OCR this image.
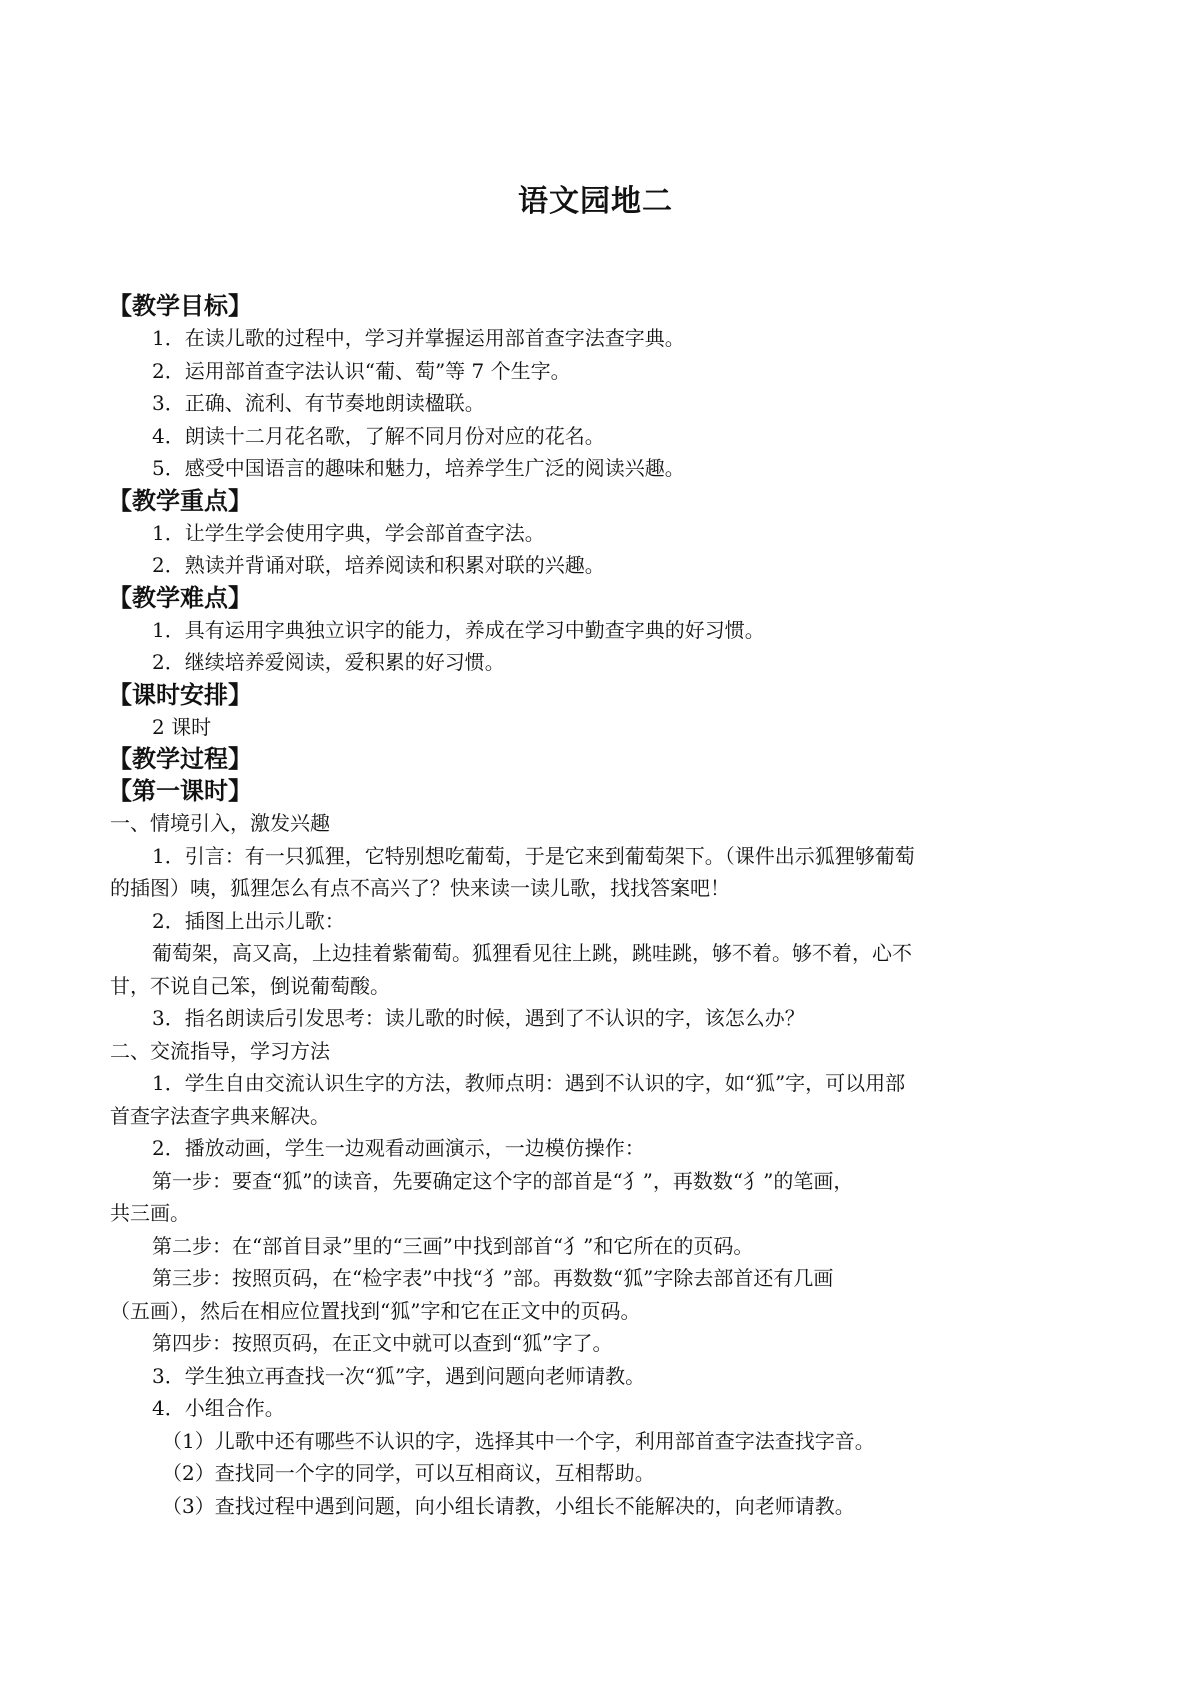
语文园地二
【教学目标】
1．在读儿歌的过程中，学习并掌握运用部首查字法查字典。
2．运用部首查字法认识“葡、萄”等 7 个生字。
3．正确、流利、有节奏地朗读楹联。
4．朗读十二月花名歌，了解不同月份对应的花名。
5．感受中国语言的趣味和魅力，培养学生广泛的阅读兴趣。
【教学重点】
1．让学生学会使用字典，学会部首查字法。
2．熟读并背诵对联，培养阅读和积累对联的兴趣。
【教学难点】
1．具有运用字典独立识字的能力，养成在学习中勤查字典的好习惯。
2．继续培养爱阅读，爱积累的好习惯。
【课时安排】
2 课时
【教学过程】
【第一课时】
一、情境引入，激发兴趣
1．引言：有一只狐狸，它特别想吃葡萄，于是它来到葡萄架下。（课件出示狐狸够葡萄
的插图）咦，狐狸怎么有点不高兴了？快来读一读儿歌，找找答案吧！
2．插图上出示儿歌：
葡萄架，高又高，上边挂着紫葡萄。狐狸看见往上跳，跳哇跳，够不着。够不着，心不
甘，不说自己笨，倒说葡萄酸。
3．指名朗读后引发思考：读儿歌的时候，遇到了不认识的字，该怎么办？
二、交流指导，学习方法
1．学生自由交流认识生字的方法，教师点明：遇到不认识的字，如“狐”字，可以用部
首查字法查字典来解决。
2．播放动画，学生一边观看动画演示，一边模仿操作：
第一步：要查“狐”的读音，先要确定这个字的部首是“犭”，再数数“犭”的笔画，
共三画。
第二步：在“部首目录”里的“三画”中找到部首“犭”和它所在的页码。
第三步：按照页码，在“检字表”中找“犭”部。再数数“狐”字除去部首还有几画
（五画），然后在相应位置找到“狐”字和它在正文中的页码。
第四步：按照页码，在正文中就可以查到“狐”字了。
3．学生独立再查找一次“狐”字，遇到问题向老师请教。
4．小组合作。
（1）儿歌中还有哪些不认识的字，选择其中一个字，利用部首查字法查找字音。
（2）查找同一个字的同学，可以互相商议，互相帮助。
（3）查找过程中遇到问题，向小组长请教，小组长不能解决的，向老师请教。
